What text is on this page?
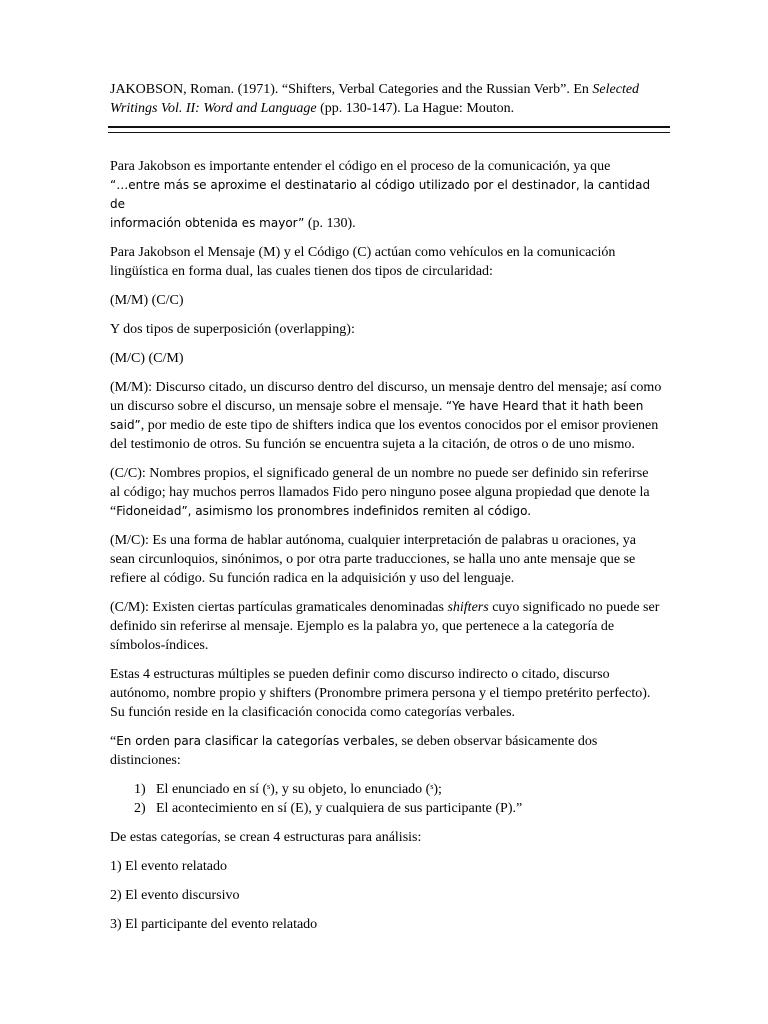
JAKOBSON, Roman. (1971). “Shifters, Verbal Categories and the Russian Verb”. En Selected

Writings Vol. II: Word and Language (pp. 130-147). La Hague: Mouton.

Para Jakobson es importante entender el código en el proceso de la comunicación, ya que
“…entre más se aproxime el destinatario al código utilizado por el destinador, la cantidad de
información obtenida es mayor” (p. 130).

Para Jakobson el Mensaje (M) y el Código (C) actúan como vehículos en la comunicación lingüística en forma dual, las cuales tienen dos tipos de circularidad:

(M/M) (C/C)

Y dos tipos de superposición (overlapping):

(M/C) (C/M)

(M/M): Discurso citado, un discurso dentro del discurso, un mensaje dentro del mensaje; así como un discurso sobre el discurso, un mensaje sobre el mensaje. “Ye have Heard that it hath been said”, por medio de este tipo de shifters indica que los eventos conocidos por el emisor provienen del testimonio de otros. Su función se encuentra sujeta a la citación, de otros o de uno mismo.

(C/C): Nombres propios, el significado general de un nombre no puede ser definido sin referirse al código; hay muchos perros llamados Fido pero ninguno posee alguna propiedad que denote la “Fidoneidad”, asimismo los pronombres indefinidos remiten al código.

(M/C): Es una forma de hablar autónoma, cualquier interpretación de palabras u oraciones, ya sean circunloquios, sinónimos, o por otra parte traducciones, se halla uno ante mensaje que se refiere al código. Su función radica en la adquisición y uso del lenguaje.

(C/M): Existen ciertas partículas gramaticales denominadas shifters cuyo significado no puede ser definido sin referirse al mensaje. Ejemplo es la palabra yo, que pertenece a la categoría de símbolos-índices.

Estas 4 estructuras múltiples se pueden definir como discurso indirecto o citado, discurso autónomo, nombre propio y shifters (Pronombre primera persona y el tiempo pretérito perfecto). Su función reside en la clasificación conocida como categorías verbales.

“En orden para clasificar la categorías verbales, se deben observar básicamente dos distinciones:

1) El enunciado en sí (ˢ), y su objeto, lo enunciado (ˢ);
2) El acontecimiento en sí (E), y cualquiera de sus participante (P).”

De estas categorías, se crean 4 estructuras para análisis:

1) El evento relatado

2) El evento discursivo

3) El participante del evento relatado
